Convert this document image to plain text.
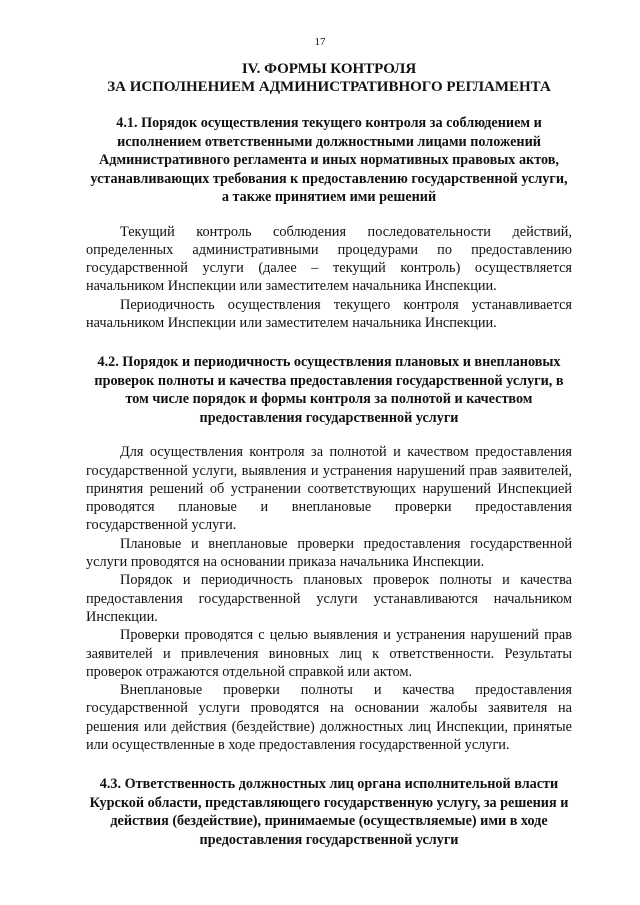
17
IV. ФОРМЫ КОНТРОЛЯ
ЗА ИСПОЛНЕНИЕМ АДМИНИСТРАТИВНОГО РЕГЛАМЕНТА

4.1. Порядок осуществления текущего контроля за соблюдением и исполнением ответственными должностными лицами положений Административного регламента и иных нормативных правовых актов, устанавливающих требования к предоставлению государственной услуги, а также принятием ими решений

Текущий контроль соблюдения последовательности действий, определенных административными процедурами по предоставлению государственной услуги (далее – текущий контроль) осуществляется начальником Инспекции или заместителем начальника Инспекции.

Периодичность осуществления текущего контроля устанавливается начальником Инспекции или заместителем начальника Инспекции.

4.2. Порядок и периодичность осуществления плановых и внеплановых проверок полноты и качества предоставления государственной услуги, в том числе порядок и формы контроля за полнотой и качеством предоставления государственной услуги

Для осуществления контроля за полнотой и качеством предоставления государственной услуги, выявления и устранения нарушений прав заявителей, принятия решений об устранении соответствующих нарушений Инспекцией проводятся плановые и внеплановые проверки предоставления государственной услуги.

Плановые и внеплановые проверки предоставления государственной услуги проводятся на основании приказа начальника Инспекции.

Порядок и периодичность плановых проверок полноты и качества предоставления государственной услуги устанавливаются начальником Инспекции.

Проверки проводятся с целью выявления и устранения нарушений прав заявителей и привлечения виновных лиц к ответственности. Результаты проверок отражаются отдельной справкой или актом.

Внеплановые проверки полноты и качества предоставления государственной услуги проводятся на основании жалобы заявителя на решения или действия (бездействие) должностных лиц Инспекции, принятые или осуществленные в ходе предоставления государственной услуги.

4.3. Ответственность должностных лиц органа исполнительной власти Курской области, представляющего государственную услугу, за решения и действия (бездействие), принимаемые (осуществляемые) ими в ходе предоставления государственной услуги
